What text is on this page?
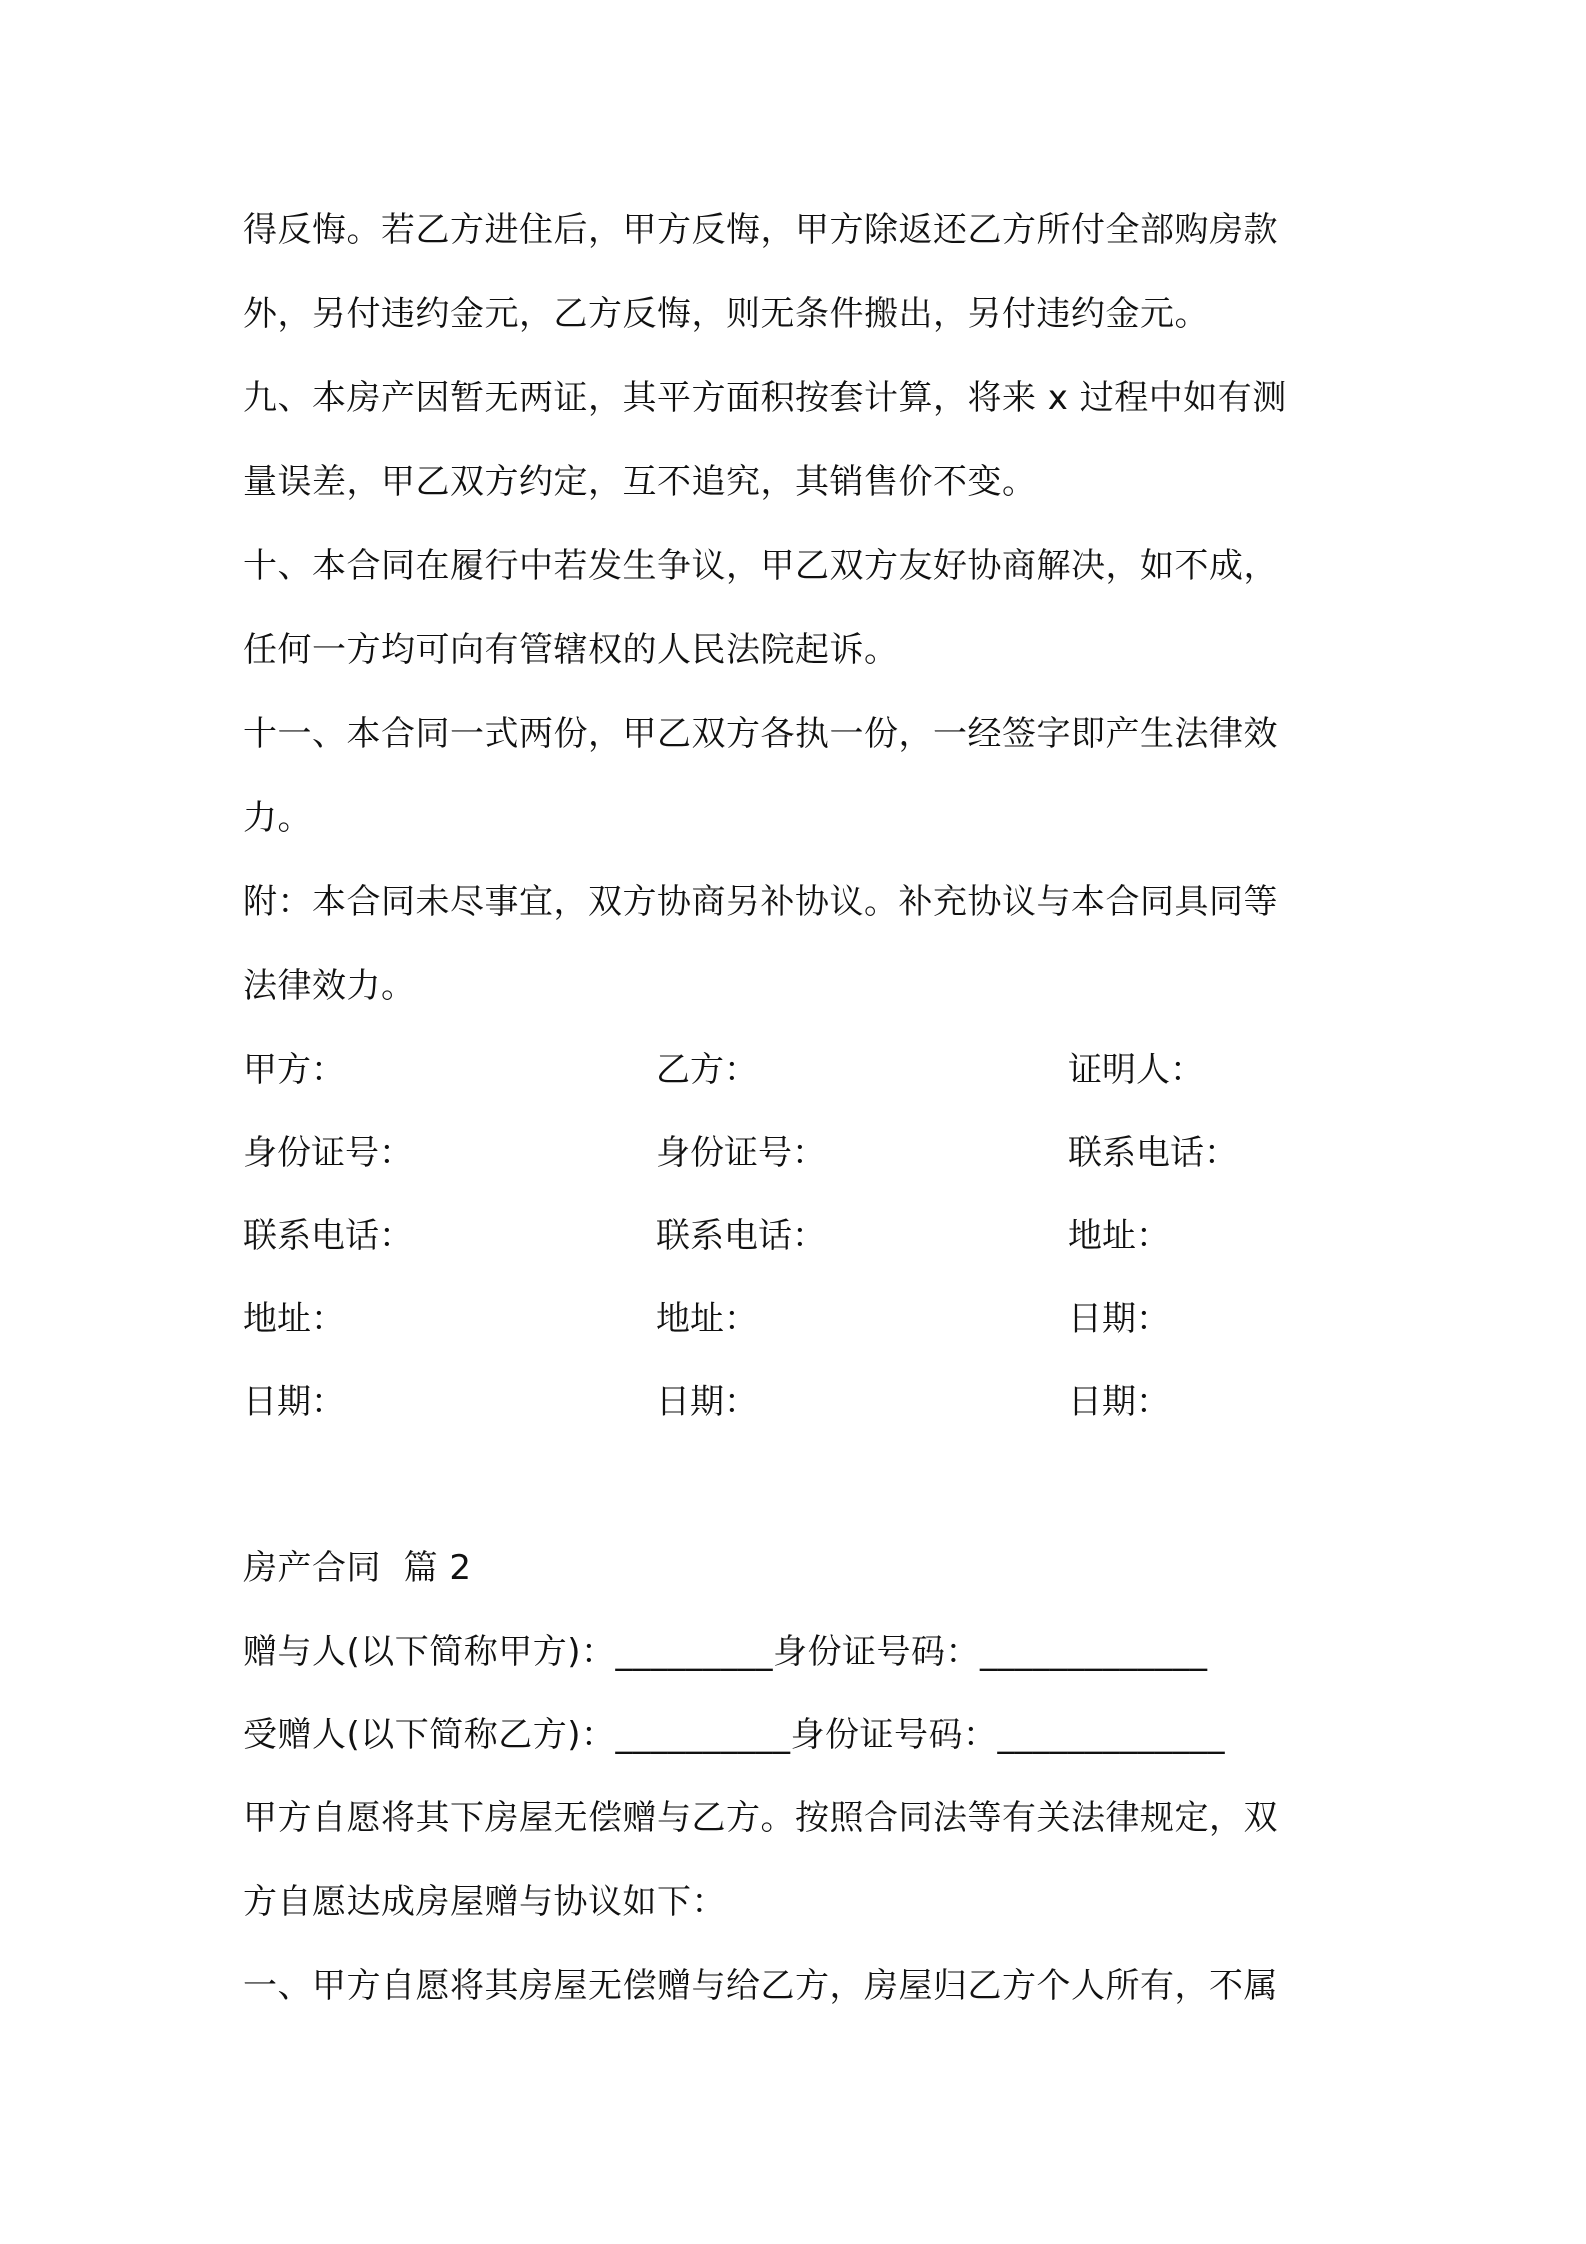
得反悔。若乙方进住后，甲方反悔，甲方除返还乙方所付全部购房款
外，另付违约金元，乙方反悔，则无条件搬出，另付违约金元。
九、本房产因暂无两证，其平方面积按套计算，将来 x 过程中如有测
量误差，甲乙双方约定，互不追究，其销售价不变。
十、本合同在履行中若发生争议，甲乙双方友好协商解决，如不成，
任何一方均可向有管辖权的人民法院起诉。
十一、本合同一式两份，甲乙双方各执一份，一经签字即产生法律效
力。
附：本合同未尽事宜，双方协商另补协议。补充协议与本合同具同等
法律效力。
甲方：	乙方：	证明人：
身份证号：	身份证号：	联系电话：
联系电话：	联系电话：	地址：
地址：	地址：	日期：
日期：	日期：	日期：
房产合同  篇 2
赠与人(以下简称甲方)：_________身份证号码：_____________
受赠人(以下简称乙方)：__________身份证号码：_____________
甲方自愿将其下房屋无偿赠与乙方。按照合同法等有关法律规定，双
方自愿达成房屋赠与协议如下：
一、甲方自愿将其房屋无偿赠与给乙方，房屋归乙方个人所有，不属
